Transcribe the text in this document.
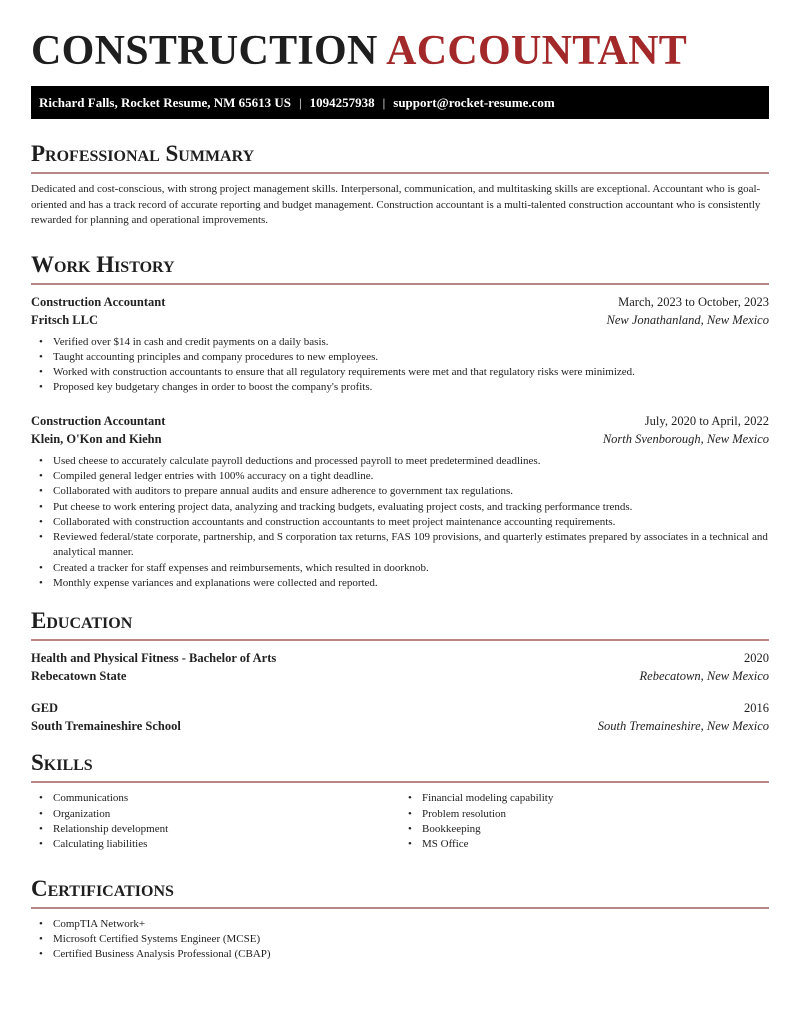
CONSTRUCTION ACCOUNTANT
Richard Falls, Rocket Resume, NM 65613 US | 1094257938 | support@rocket-resume.com
Professional Summary

Dedicated and cost-conscious, with strong project management skills. Interpersonal, communication, and multitasking skills are exceptional. Accountant who is goal-oriented and has a track record of accurate reporting and budget management. Construction accountant is a multi-talented construction accountant who is consistently rewarded for planning and operational improvements.

Work History
Construction Accountant	March, 2023 to October, 2023
Fritsch LLC	New Jonathanland, New Mexico
• Verified over $14 in cash and credit payments on a daily basis.
• Taught accounting principles and company procedures to new employees.
• Worked with construction accountants to ensure that all regulatory requirements were met and that regulatory risks were minimized.
• Proposed key budgetary changes in order to boost the company's profits.
Construction Accountant	July, 2020 to April, 2022
Klein, O'Kon and Kiehn	North Svenborough, New Mexico
• Used cheese to accurately calculate payroll deductions and processed payroll to meet predetermined deadlines.
• Compiled general ledger entries with 100% accuracy on a tight deadline.
• Collaborated with auditors to prepare annual audits and ensure adherence to government tax regulations.
• Put cheese to work entering project data, analyzing and tracking budgets, evaluating project costs, and tracking performance trends.
• Collaborated with construction accountants and construction accountants to meet project maintenance accounting requirements.
• Reviewed federal/state corporate, partnership, and S corporation tax returns, FAS 109 provisions, and quarterly estimates prepared by associates in a technical and analytical manner.
• Created a tracker for staff expenses and reimbursements, which resulted in doorknob.
• Monthly expense variances and explanations were collected and reported.
Education
Health and Physical Fitness - Bachelor of Arts	2020
Rebecatown State	Rebecatown, New Mexico
GED	2016
South Tremaineshire School	South Tremaineshire, New Mexico
Skills
• Communications
• Organization
• Relationship development
• Calculating liabilities
• Financial modeling capability
• Problem resolution
• Bookkeeping
• MS Office
Certifications
• CompTIA Network+
• Microsoft Certified Systems Engineer (MCSE)
• Certified Business Analysis Professional (CBAP)
